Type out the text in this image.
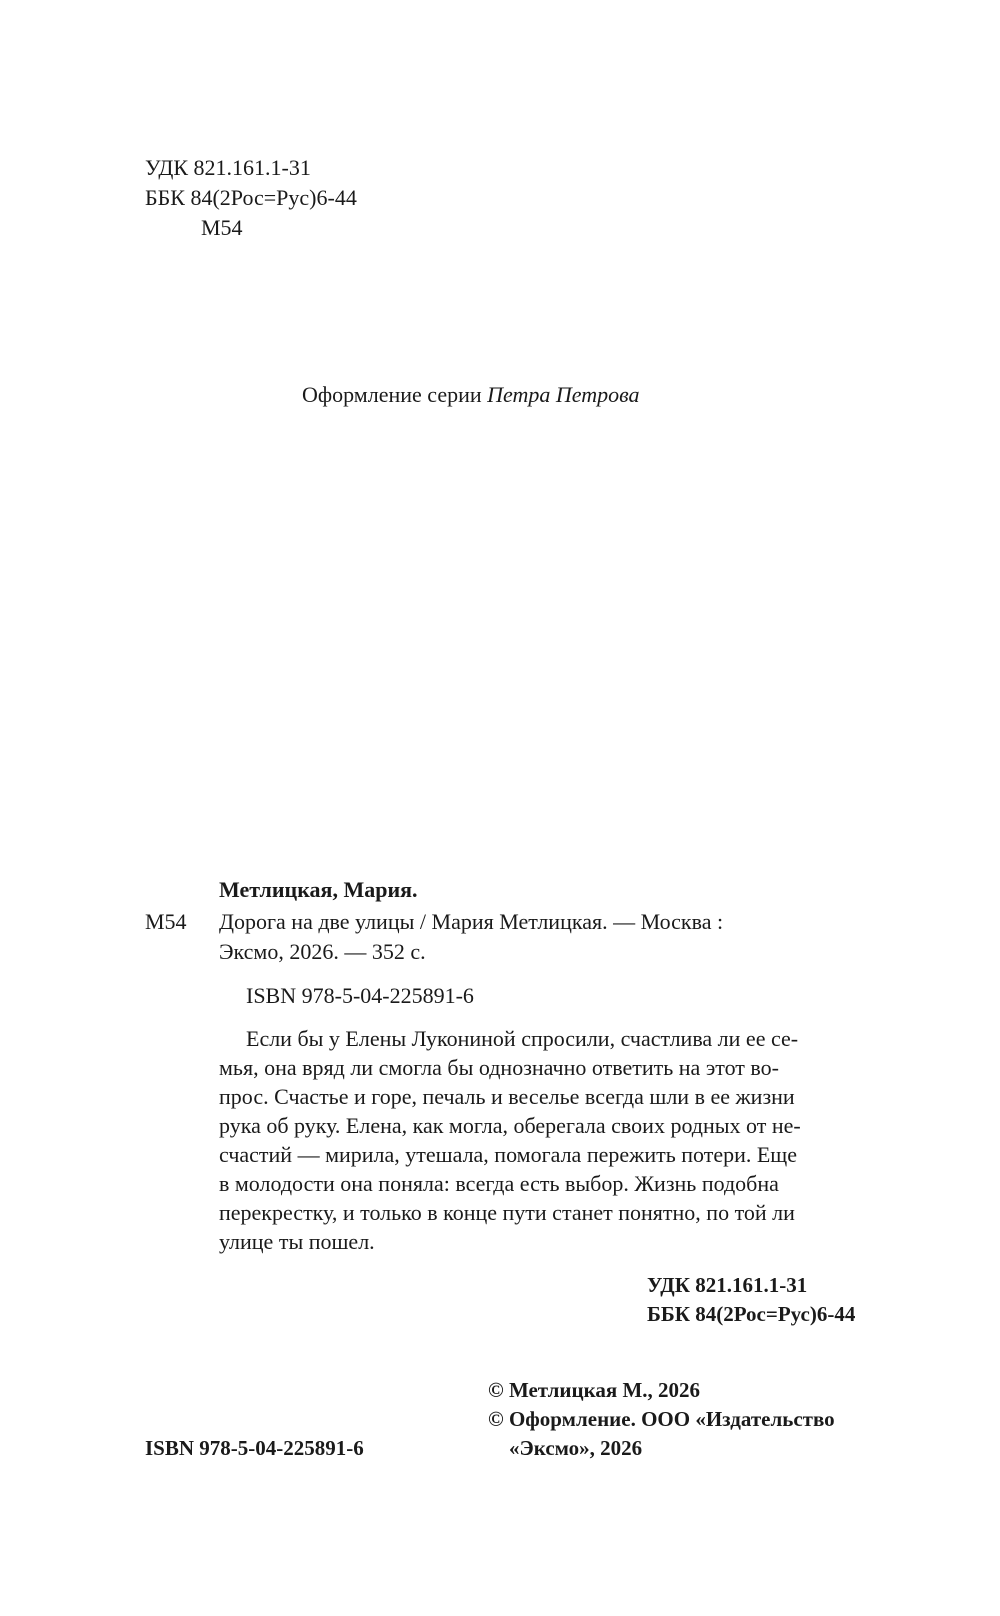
УДК 821.161.1-31
ББК 84(2Рос=Рус)6-44
М54
Оформление серии Петра Петрова
Метлицкая, Мария.
М54 Дорога на две улицы / Мария Метлицкая. — Москва :
Эксмо, 2026. — 352 с.
ISBN 978-5-04-225891-6
Если бы у Елены Лукониной спросили, счастлива ли ее се-
мья, она вряд ли смогла бы однозначно ответить на этот во-
прос. Счастье и горе, печаль и веселье всегда шли в ее жизни
рука об руку. Елена, как могла, оберегала своих родных от не-
счастий — мирила, утешала, помогала пережить потери. Еще
в молодости она поняла: всегда есть выбор. Жизнь подобна
перекрестку, и только в конце пути станет понятно, по той ли
улице ты пошел.
УДК 821.161.1-31
ББК 84(2Рос=Рус)6-44
ISBN 978-5-04-225891-6
© Метлицкая М., 2026
© Оформление. ООО «Издательство
«Эксмо», 2026
